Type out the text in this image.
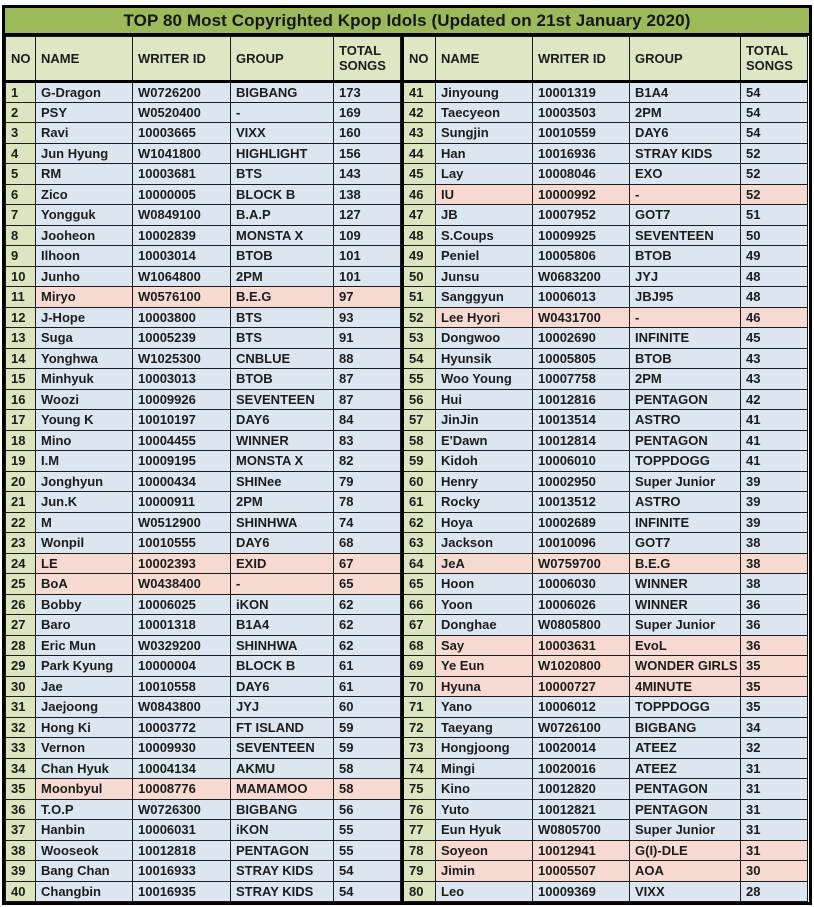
TOP 80 Most Copyrighted Kpop Idols (Updated on 21st January 2020)
NO	NAME	WRITER ID	GROUP	TOTAL SONGS
1	G-Dragon	W0726200	BIGBANG	173
2	PSY	W0520400	-	169
3	Ravi	10003665	VIXX	160
4	Jun Hyung	W1041800	HIGHLIGHT	156
5	RM	10003681	BTS	143
6	Zico	10000005	BLOCK B	138
7	Yongguk	W0849100	B.A.P	127
8	Jooheon	10002839	MONSTA X	109
9	Ilhoon	10003014	BTOB	101
10	Junho	W1064800	2PM	101
11	Miryo	W0576100	B.E.G	97
12	J-Hope	10003800	BTS	93
13	Suga	10005239	BTS	91
14	Yonghwa	W1025300	CNBLUE	88
15	Minhyuk	10003013	BTOB	87
16	Woozi	10009926	SEVENTEEN	87
17	Young K	10010197	DAY6	84
18	Mino	10004455	WINNER	83
19	I.M	10009195	MONSTA X	82
20	Jonghyun	10000434	SHINee	79
21	Jun.K	10000911	2PM	78
22	M	W0512900	SHINHWA	74
23	Wonpil	10010555	DAY6	68
24	LE	10002393	EXID	67
25	BoA	W0438400	-	65
26	Bobby	10006025	iKON	62
27	Baro	10001318	B1A4	62
28	Eric Mun	W0329200	SHINHWA	62
29	Park Kyung	10000004	BLOCK B	61
30	Jae	10010558	DAY6	61
31	Jaejoong	W0843800	JYJ	60
32	Hong Ki	10003772	FT ISLAND	59
33	Vernon	10009930	SEVENTEEN	59
34	Chan Hyuk	10004134	AKMU	58
35	Moonbyul	10008776	MAMAMOO	58
36	T.O.P	W0726300	BIGBANG	56
37	Hanbin	10006031	iKON	55
38	Wooseok	10012818	PENTAGON	55
39	Bang Chan	10016933	STRAY KIDS	54
40	Changbin	10016935	STRAY KIDS	54
NO	NAME	WRITER ID	GROUP	TOTAL SONGS
41	Jinyoung	10001319	B1A4	54
42	Taecyeon	10003503	2PM	54
43	Sungjin	10010559	DAY6	54
44	Han	10016936	STRAY KIDS	52
45	Lay	10008046	EXO	52
46	IU	10000992	-	52
47	JB	10007952	GOT7	51
48	S.Coups	10009925	SEVENTEEN	50
49	Peniel	10005806	BTOB	49
50	Junsu	W0683200	JYJ	48
51	Sanggyun	10006013	JBJ95	48
52	Lee Hyori	W0431700	-	46
53	Dongwoo	10002690	INFINITE	45
54	Hyunsik	10005805	BTOB	43
55	Woo Young	10007758	2PM	43
56	Hui	10012816	PENTAGON	42
57	JinJin	10013514	ASTRO	41
58	E'Dawn	10012814	PENTAGON	41
59	Kidoh	10006010	TOPPDOGG	41
60	Henry	10002950	Super Junior	39
61	Rocky	10013512	ASTRO	39
62	Hoya	10002689	INFINITE	39
63	Jackson	10010096	GOT7	38
64	JeA	W0759700	B.E.G	38
65	Hoon	10006030	WINNER	38
66	Yoon	10006026	WINNER	36
67	Donghae	W0805800	Super Junior	36
68	Say	10003631	EvoL	36
69	Ye Eun	W1020800	WONDER GIRLS	35
70	Hyuna	10000727	4MINUTE	35
71	Yano	10006012	TOPPDOGG	35
72	Taeyang	W0726100	BIGBANG	34
73	Hongjoong	10020014	ATEEZ	32
74	Mingi	10020016	ATEEZ	31
75	Kino	10012820	PENTAGON	31
76	Yuto	10012821	PENTAGON	31
77	Eun Hyuk	W0805700	Super Junior	31
78	Soyeon	10012941	G(I)-DLE	31
79	Jimin	10005507	AOA	30
80	Leo	10009369	VIXX	28
